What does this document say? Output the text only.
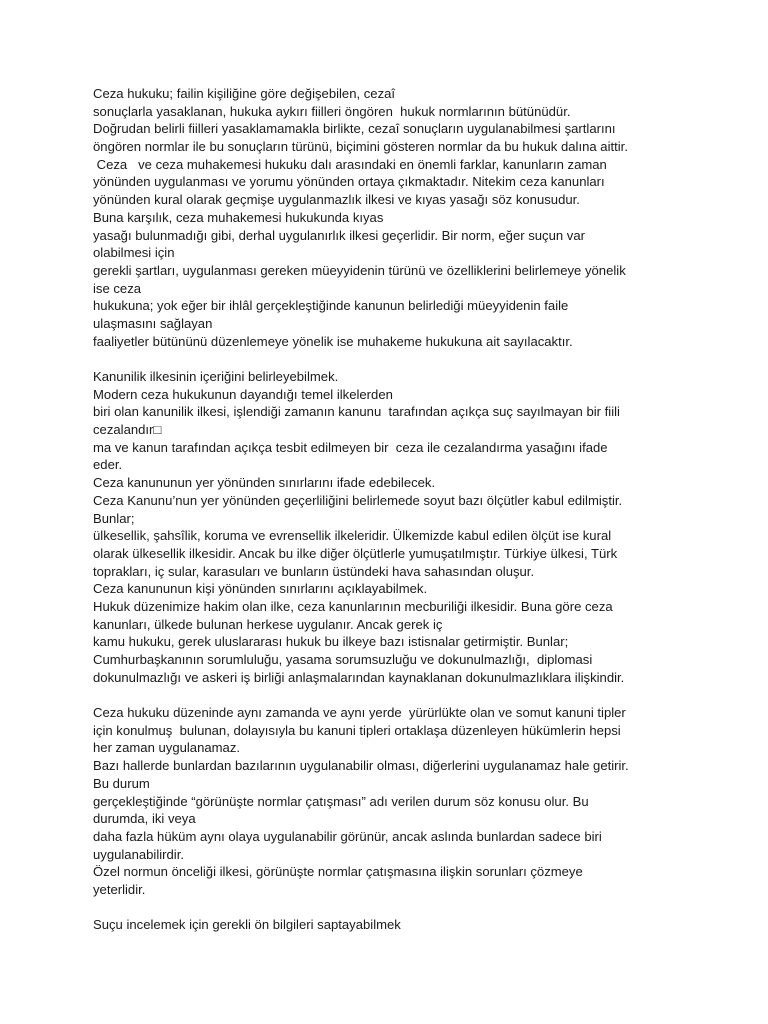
Ceza hukuku; failin kişiliğine göre değişebilen, cezaî
sonuçlarla yasaklanan, hukuka aykırı fiilleri öngören  hukuk normlarının bütünüdür.
Doğrudan belirli fiilleri yasaklamamakla birlikte, cezaî sonuçların uygulanabilmesi şartlarını
öngören normlar ile bu sonuçların türünü, biçimini gösteren normlar da bu hukuk dalına aittir.
Ceza   ve ceza muhakemesi hukuku dalı arasındaki en önemli farklar, kanunların zaman
yönünden uygulanması ve yorumu yönünden ortaya çıkmaktadır. Nitekim ceza kanunları
yönünden kural olarak geçmişe uygulanmazlık ilkesi ve kıyas yasağı söz konusudur.
Buna karşılık, ceza muhakemesi hukukunda kıyas
yasağı bulunmadığı gibi, derhal uygulanırlık ilkesi geçerlidir. Bir norm, eğer suçun var
olabilmesi için
gerekli şartları, uygulanması gereken müeyyidenin türünü ve özelliklerini belirlemeye yönelik
ise ceza
hukukuna; yok eğer bir ihlâl gerçekleştiğinde kanunun belirlediği müeyyidenin faile
ulaşmasını sağlayan
faaliyetler bütününü düzenlemeye yönelik ise muhakeme hukukuna ait sayılacaktır.
Kanunilik ilkesinin içeriğini belirleyebilmek.
Modern ceza hukukunun dayandığı temel ilkelerden
biri olan kanunilik ilkesi, işlendiği zamanın kanunu  tarafından açıkça suç sayılmayan bir fiili
cezalandır□
ma ve kanun tarafından açıkça tesbit edilmeyen bir  ceza ile cezalandırma yasağını ifade
eder.
Ceza kanununun yer yönünden sınırlarını ifade edebilecek.
Ceza Kanunu’nun yer yönünden geçerliliğini belirlemede soyut bazı ölçütler kabul edilmiştir.
Bunlar;
ülkesellik, şahsîlik, koruma ve evrensellik ilkeleridir. Ülkemizde kabul edilen ölçüt ise kural
olarak ülkesellik ilkesidir. Ancak bu ilke diğer ölçütlerle yumuşatılmıştır. Türkiye ülkesi, Türk
toprakları, iç sular, karasuları ve bunların üstündeki hava sahasından oluşur.
Ceza kanununun kişi yönünden sınırlarını açıklayabilmek.
Hukuk düzenimize hakim olan ilke, ceza kanunlarının mecburiliği ilkesidir. Buna göre ceza
kanunları, ülkede bulunan herkese uygulanır. Ancak gerek iç
kamu hukuku, gerek uluslararası hukuk bu ilkeye bazı istisnalar getirmiştir. Bunlar;
Cumhurbaşkanının sorumluluğu, yasama sorumsuzluğu ve dokunulmazlığı,  diplomasi
dokunulmazlığı ve askeri iş birliği anlaşmalarından kaynaklanan dokunulmazlıklara ilişkindir.
Ceza hukuku düzeninde aynı zamanda ve aynı yerde  yürürlükte olan ve somut kanuni tipler
için konulmuş  bulunan, dolayısıyla bu kanuni tipleri ortaklaşa düzenleyen hükümlerin hepsi
her zaman uygulanamaz.
Bazı hallerde bunlardan bazılarının uygulanabilir olması, diğerlerini uygulanamaz hale getirir.
Bu durum
gerçekleştiğinde “görünüşte normlar çatışması” adı verilen durum söz konusu olur. Bu
durumda, iki veya
daha fazla hüküm aynı olaya uygulanabilir görünür, ancak aslında bunlardan sadece biri
uygulanabilirdir.
Özel normun önceliği ilkesi, görünüşte normlar çatışmasına ilişkin sorunları çözmeye
yeterlidir.
Suçu incelemek için gerekli ön bilgileri saptayabilmek
